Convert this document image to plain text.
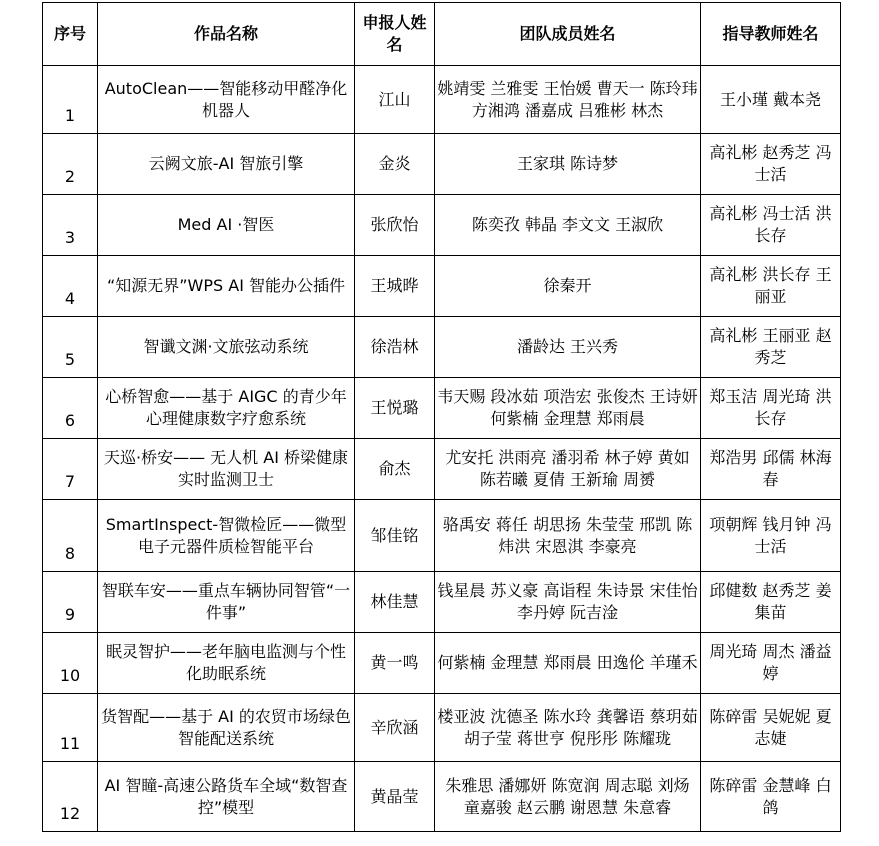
序号	作品名称	申报人姓名	团队成员姓名	指导教师姓名
1	AutoClean——智能移动甲醛净化机器人	江山	姚靖雯 兰雅雯 王怡媛 曹天一 陈玲玮 方湘鸿 潘嘉成 吕雅彬 林杰	王小瑾 戴本尧
2	云阙文旅-AI 智旅引擎	金炎	王家琪 陈诗梦	高礼彬 赵秀芝 冯士活
3	Med AI ·智医	张欣怡	陈奕孜 韩晶 李文文 王淑欣	高礼彬 冯士活 洪长存
4	“知源无界”WPS AI 智能办公插件	王城晔	徐秦开	高礼彬 洪长存 王丽亚
5	智谶文渊·文旅弦动系统	徐浩林	潘龄达 王兴秀	高礼彬 王丽亚 赵秀芝
6	心桥智愈——基于 AIGC 的青少年心理健康数字疗愈系统	王悦璐	韦天赐 段冰茹 项浩宏 张俊杰 王诗妍 何紫楠 金理慧 郑雨晨	郑玉洁 周光琦 洪长存
7	天巡·桥安—— 无人机 AI 桥梁健康实时监测卫士	俞杰	尤安托 洪雨亮 潘羽希 林子婷 黄如 陈若曦 夏倩 王新瑜 周赟	郑浩男 邱儒 林海春
8	SmartInspect-智微检匠——微型电子元器件质检智能平台	邹佳铭	骆禹安 蒋任 胡思扬 朱莹莹 邢凯 陈炜洪 宋恩淇 李豪亮	项朝辉 钱月钟 冯士活
9	智联车安——重点车辆协同智管“一件事”	林佳慧	钱星晨 苏义豪 高诣程 朱诗景 宋佳怡 李丹婷 阮吉淦	邱健数 赵秀芝 姜集苗
10	眠灵智护——老年脑电监测与个性化助眠系统	黄一鸣	何紫楠 金理慧 郑雨晨 田逸伦 羊瑾禾	周光琦 周杰 潘益婷
11	货智配——基于 AI 的农贸市场绿色智能配送系统	辛欣涵	楼亚波 沈德圣 陈水玲 龚馨语 蔡玥茹 胡子莹 蒋世亨 倪彤彤 陈耀珑	陈碎雷 吴妮妮 夏志婕
12	AI 智瞳-高速公路货车全域“数智查控”模型	黄晶莹	朱雅思 潘娜妍 陈宽润 周志聪 刘炀 童嘉骏 赵云鹏 谢恩慧 朱意睿	陈碎雷 金慧峰 白鸽
